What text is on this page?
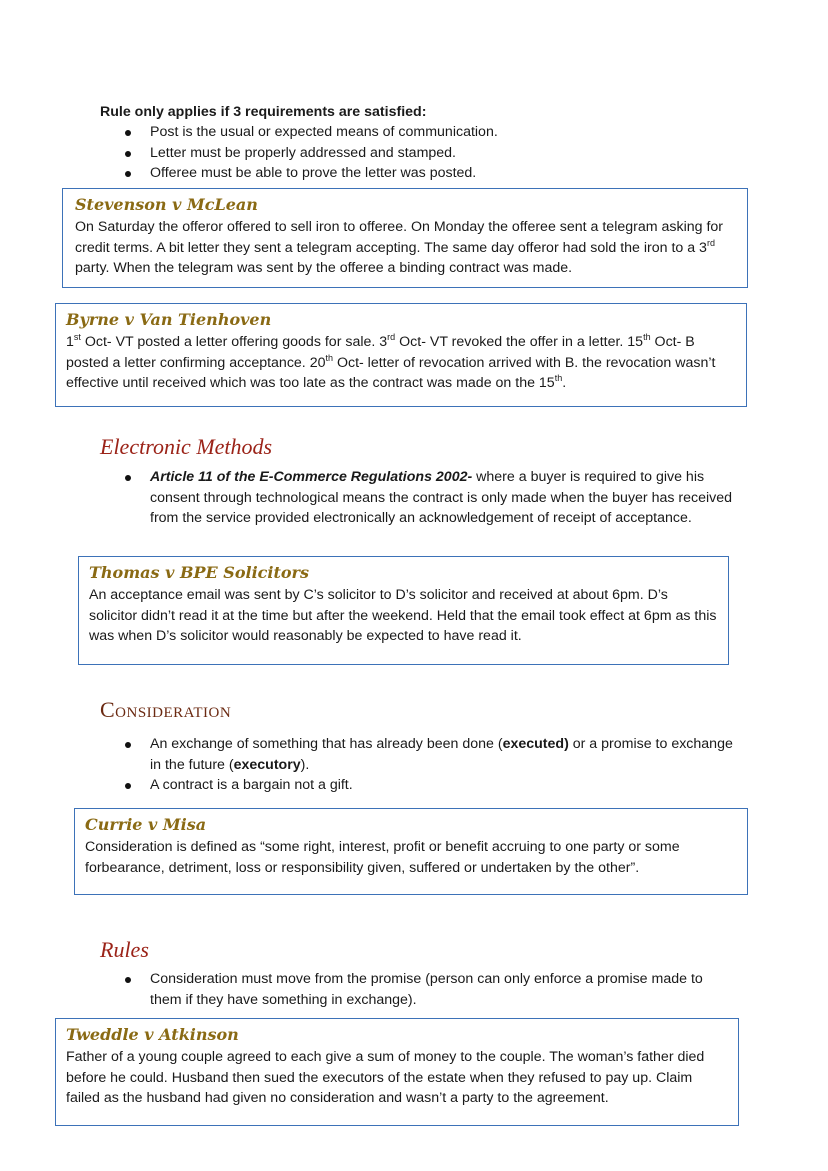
Rule only applies if 3 requirements are satisfied:
Post is the usual or expected means of communication.
Letter must be properly addressed and stamped.
Offeree must be able to prove the letter was posted.
Stevenson v McLean

On Saturday the offeror offered to sell iron to offeree. On Monday the offeree sent a telegram asking for credit terms. A bit letter they sent a telegram accepting. The same day offeror had sold the iron to a 3rd party. When the telegram was sent by the offeree a binding contract was made.

Byrne v Van Tienhoven

1st Oct- VT posted a letter offering goods for sale. 3rd Oct- VT revoked the offer in a letter. 15th Oct- B posted a letter confirming acceptance. 20th Oct- letter of revocation arrived with B. the revocation wasn’t effective until received which was too late as the contract was made on the 15th.

Electronic Methods
Article 11 of the E-Commerce Regulations 2002- where a buyer is required to give his consent through technological means the contract is only made when the buyer has received from the service provided electronically an acknowledgement of receipt of acceptance.
Thomas v BPE Solicitors

An acceptance email was sent by C’s solicitor to D’s solicitor and received at about 6pm. D’s solicitor didn’t read it at the time but after the weekend. Held that the email took effect at 6pm as this was when D’s solicitor would reasonably be expected to have read it.

Consideration
An exchange of something that has already been done (executed) or a promise to exchange in the future (executory).
A contract is a bargain not a gift.
Currie v Misa

Consideration is defined as “some right, interest, profit or benefit accruing to one party or some forbearance, detriment, loss or responsibility given, suffered or undertaken by the other”.

Rules
Consideration must move from the promise (person can only enforce a promise made to them if they have something in exchange).
Tweddle v Atkinson

Father of a young couple agreed to each give a sum of money to the couple. The woman’s father died before he could. Husband then sued the executors of the estate when they refused to pay up. Claim failed as the husband had given no consideration and wasn’t a party to the agreement.
